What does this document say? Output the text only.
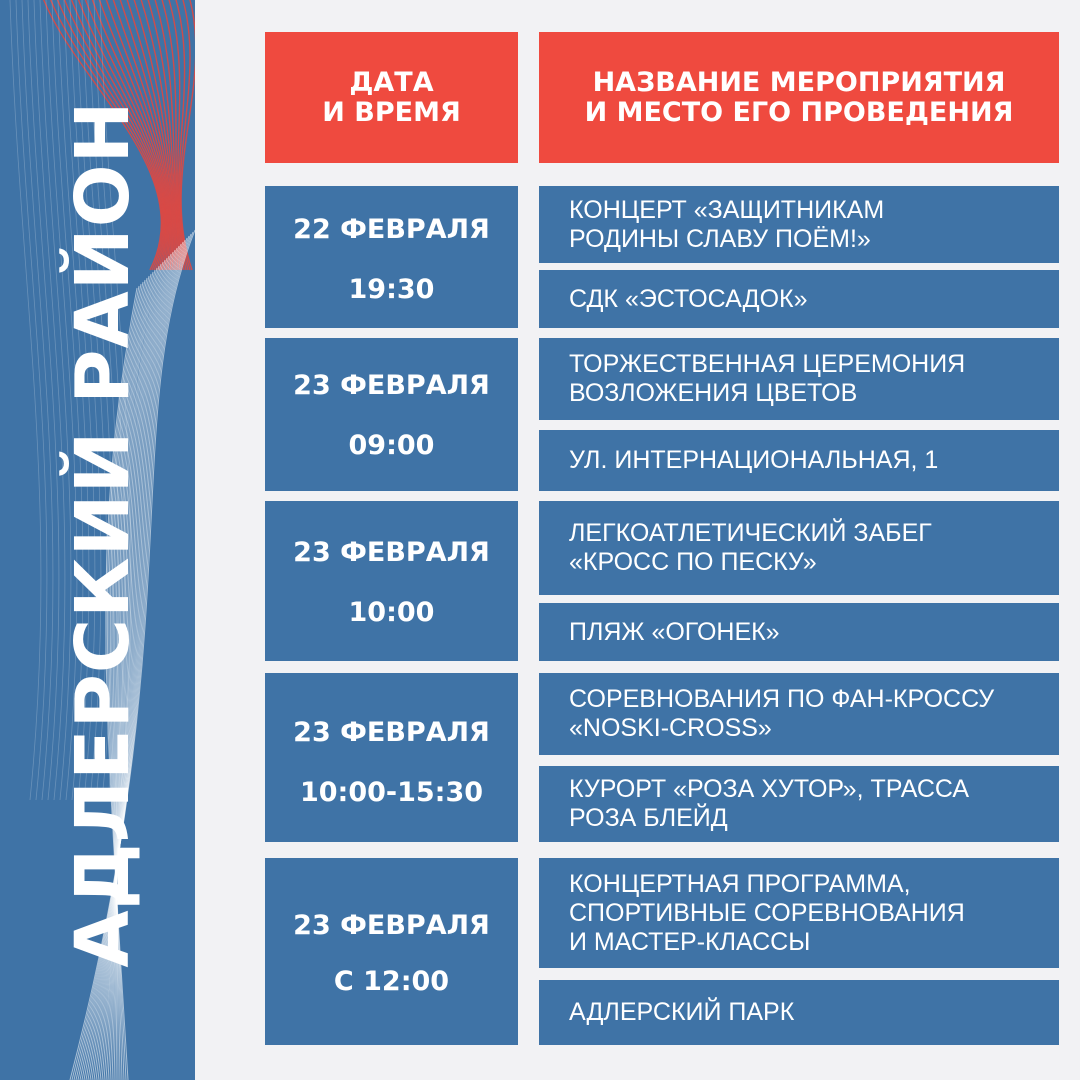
АДЛЕРСКИЙ РАЙОН
ДАТА
И ВРЕМЯ
НАЗВАНИЕ МЕРОПРИЯТИЯ
И МЕСТО ЕГО ПРОВЕДЕНИЯ
22 ФЕВРАЛЯ
19:30
КОНЦЕРТ «ЗАЩИТНИКАМ
РОДИНЫ СЛАВУ ПОЁМ!»
СДК «ЭСТОСАДОК»
23 ФЕВРАЛЯ
09:00
ТОРЖЕСТВЕННАЯ ЦЕРЕМОНИЯ
ВОЗЛОЖЕНИЯ ЦВЕТОВ
УЛ. ИНТЕРНАЦИОНАЛЬНАЯ, 1
23 ФЕВРАЛЯ
10:00
ЛЕГКОАТЛЕТИЧЕСКИЙ ЗАБЕГ
«КРОСС ПО ПЕСКУ»
ПЛЯЖ «ОГОНЕК»
23 ФЕВРАЛЯ
10:00-15:30
СОРЕВНОВАНИЯ ПО ФАН-КРОССУ
«NOSKI-CROSS»
КУРОРТ «РОЗА ХУТОР», ТРАССА
РОЗА БЛЕЙД
23 ФЕВРАЛЯ
С 12:00
КОНЦЕРТНАЯ ПРОГРАММА,
СПОРТИВНЫЕ СОРЕВНОВАНИЯ
И МАСТЕР-КЛАССЫ
АДЛЕРСКИЙ ПАРК
